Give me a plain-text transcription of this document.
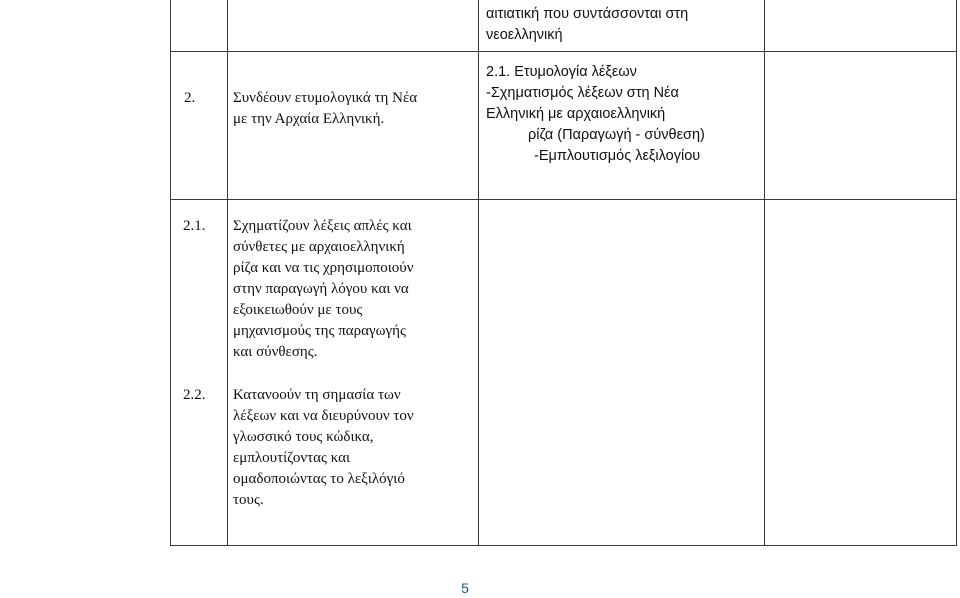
αιτιατική που συντάσσονται στη
νεοελληνική
2.	Συνδέουν ετυμολογικά τη Νέα
με την Αρχαία Ελληνική.
2.1. Ετυμολογία λέξεων
-Σχηματισμός λέξεων στη Νέα
Ελληνική με αρχαιοελληνική
ρίζα (Παραγωγή - σύνθεση)
-Εμπλουτισμός λεξιλογίου
2.1. Σχηματίζουν λέξεις απλές και
σύνθετες με αρχαιοελληνική
ρίζα και να τις χρησιμοποιούν
στην παραγωγή λόγου και να
εξοικειωθούν με τους
μηχανισμούς της παραγωγής
και σύνθεσης.
2.2. Κατανοούν τη σημασία των
λέξεων και να διευρύνουν τον
γλωσσικό τους κώδικα,
εμπλουτίζοντας και
ομαδοποιώντας το λεξιλόγιό
τους.
5
